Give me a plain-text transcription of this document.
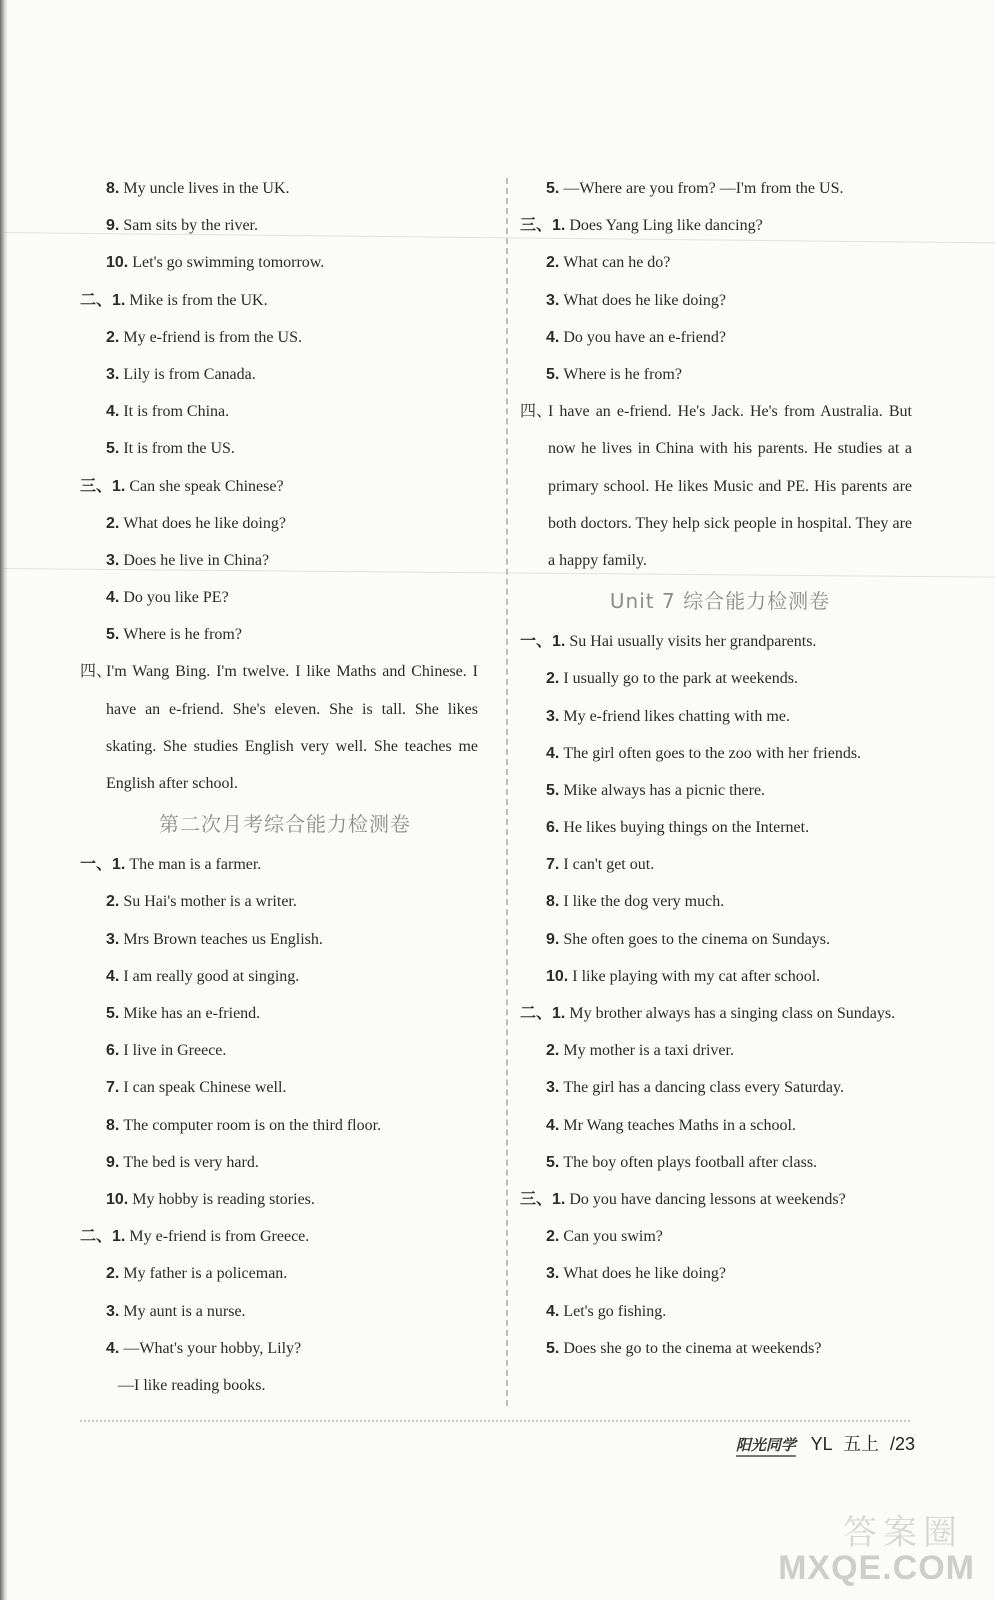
8. My uncle lives in the UK.
9. Sam sits by the river.
10. Let's go swimming tomorrow.
二、1. Mike is from the UK.
2. My e-friend is from the US.
3. Lily is from Canada.
4. It is from China.
5. It is from the US.
三、1. Can she speak Chinese?
2. What does he like doing?
3. Does he live in China?
4. Do you like PE?
5. Where is he from?
四、
I'm Wang Bing. I'm twelve. I like Maths and Chinese. I have an e-friend. She's eleven. She is tall. She likes skating. She studies English very well. She teaches me English after school.
第二次月考综合能力检测卷
一、1. The man is a farmer.
2. Su Hai's mother is a writer.
3. Mrs Brown teaches us English.
4. I am really good at singing.
5. Mike has an e-friend.
6. I live in Greece.
7. I can speak Chinese well.
8. The computer room is on the third floor.
9. The bed is very hard.
10. My hobby is reading stories.
二、1. My e-friend is from Greece.
2. My father is a policeman.
3. My aunt is a nurse.
4. —What's your hobby, Lily?
—I like reading books.
5. —Where are you from? —I'm from the US.
三、1. Does Yang Ling like dancing?
2. What can he do?
3. What does he like doing?
4. Do you have an e-friend?
5. Where is he from?
四、
I have an e-friend. He's Jack. He's from Australia. But now he lives in China with his parents. He studies at a primary school. He likes Music and PE. His parents are both doctors. They help sick people in hospital. They are a happy family.
Unit 7 综合能力检测卷
一、1. Su Hai usually visits her grandparents.
2. I usually go to the park at weekends.
3. My e-friend likes chatting with me.
4. The girl often goes to the zoo with her friends.
5. Mike always has a picnic there.
6. He likes buying things on the Internet.
7. I can't get out.
8. I like the dog very much.
9. She often goes to the cinema on Sundays.
10. I like playing with my cat after school.
二、1. My brother always has a singing class on Sundays.
2. My mother is a taxi driver.
3. The girl has a dancing class every Saturday.
4. Mr Wang teaches Maths in a school.
5. The boy often plays football after class.
三、1. Do you have dancing lessons at weekends?
2. Can you swim?
3. What does he like doing?
4. Let's go fishing.
5. Does she go to the cinema at weekends?
阳光同学 YL 五上 /23
答案圈
MXQE.COM
